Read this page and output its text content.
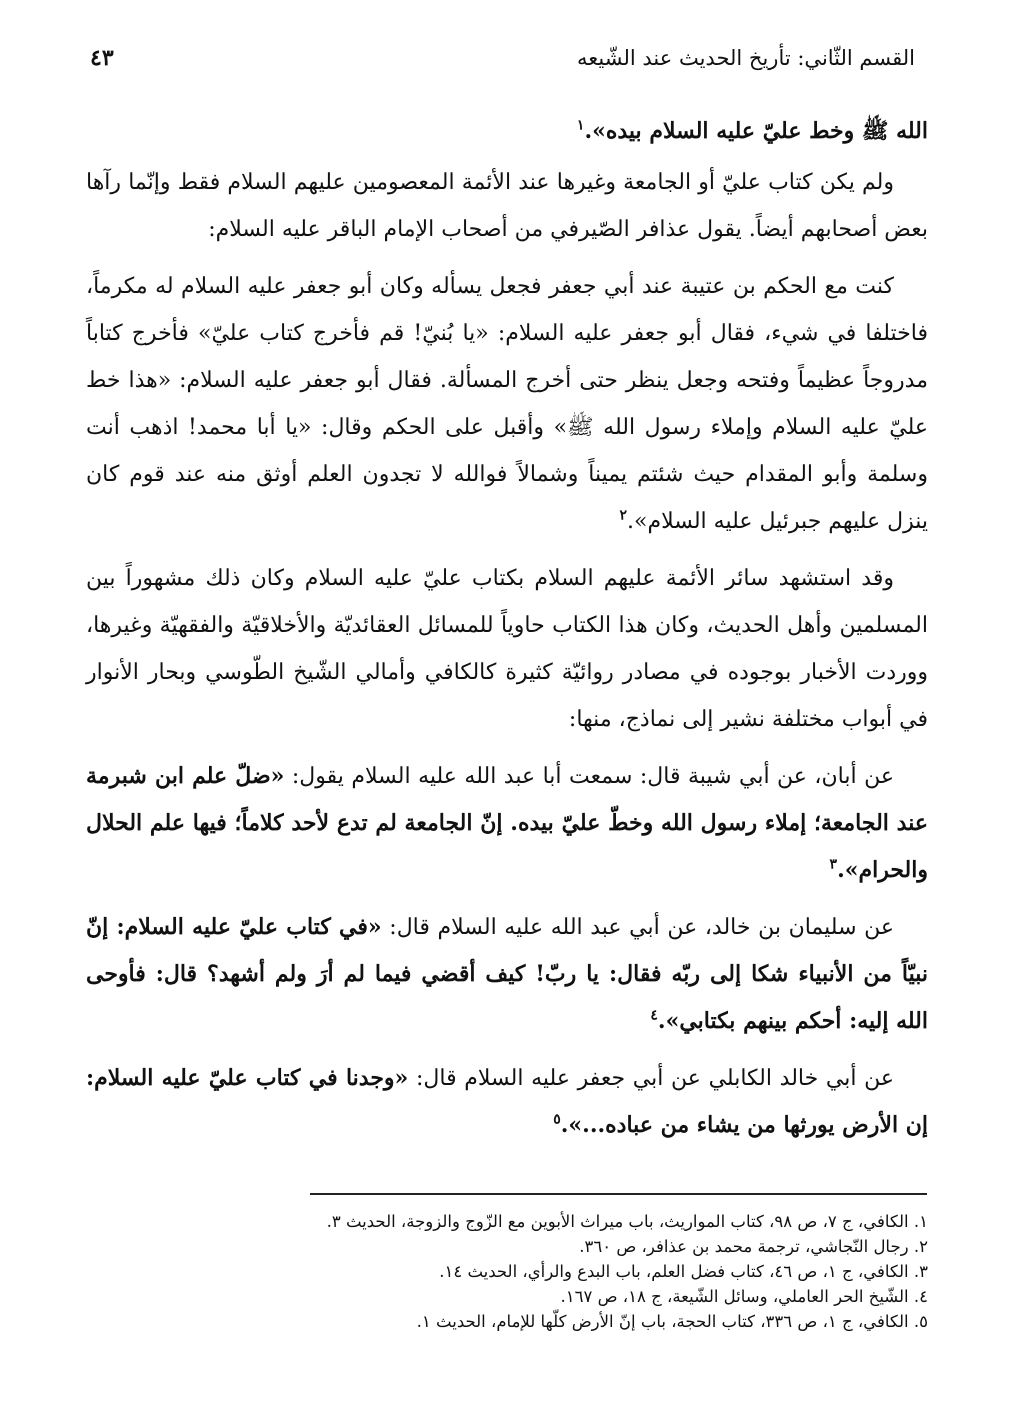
القسم الثّاني: تأريخ الحديث عند الشّيعه
٤٣

الله ﷺ وخط عليّ عليه السلام بيده».$^١$

ولم يكن كتاب عليّ أو الجامعة وغيرها عند الأئمة المعصومين عليهم السلام فقط وإنّما رآها بعض أصحابهم أيضاً. يقول عذافر الصّيرفي من أصحاب الإمام الباقر عليه السلام:

كنت مع الحكم بن عتيبة عند أبي جعفر فجعل يسأله وكان أبو جعفر عليه السلام له مكرماً، فاختلفا في شيء، فقال أبو جعفر عليه السلام: «يا بُنيّ! قم فأخرج كتاب عليّ» فأخرج كتاباً مدروجاً عظيماً وفتحه وجعل ينظر حتى أخرج المسألة. فقال أبو جعفر عليه السلام: «هذا خط عليّ عليه السلام وإملاء رسول الله ﷺ» وأقبل على الحكم وقال: «يا أبا محمد! اذهب أنت وسلمة وأبو المقدام حيث شئتم يميناً وشمالاً فوالله لا تجدون العلم أوثق منه عند قوم كان ينزل عليهم جبرئيل عليه السلام».$^٢$

وقد استشهد سائر الأئمة عليهم السلام بكتاب عليّ عليه السلام وكان ذلك مشهوراً بين المسلمين وأهل الحديث، وكان هذا الكتاب حاوياً للمسائل العقائديّة والأخلاقيّة والفقهيّة وغيرها، ووردت الأخبار بوجوده في مصادر روائيّة كثيرة كالكافي وأمالي الشّيخ الطّوسي وبحار الأنوار في أبواب مختلفة نشير إلى نماذج، منها:

عن أبان، عن أبي شيبة قال: سمعت أبا عبد الله عليه السلام يقول: «ضلّ علم ابن شبرمة عند الجامعة؛ إملاء رسول الله وخطّ عليّ بيده. إنّ الجامعة لم تدع لأحد كلاماً؛ فيها علم الحلال والحرام».$^٣$

عن سليمان بن خالد، عن أبي عبد الله عليه السلام قال: «في كتاب عليّ عليه السلام: إنّ نبيّاً من الأنبياء شكا إلى ربّه فقال: يا ربّ! كيف أقضي فيما لم أرَ ولم أشهد؟ قال: فأوحى الله إليه: أحكم بينهم بكتابي».$^٤$

عن أبي خالد الكابلي عن أبي جعفر عليه السلام قال: «وجدنا في كتاب عليّ عليه السلام: إن الأرض يورثها من يشاء من عباده...».$^٥$

١. الكافي، ج ٧، ص ٩٨، كتاب المواريث، باب ميراث الأبوين مع الزّوج والزوجة، الحديث ٣.

٢. رجال النّجاشي، ترجمة محمد بن عذافر، ص ٣٦٠.

٣. الكافي، ج ١، ص ٤٦، كتاب فضل العلم، باب البدع والرأي، الحديث ١٤.

٤. الشّيخ الحر العاملي، وسائل الشّيعة، ج ١٨، ص ١٦٧.

٥. الكافي، ج ١، ص ٣٣٦، كتاب الحجة، باب إنّ الأرض كلّها للإمام، الحديث ١.
